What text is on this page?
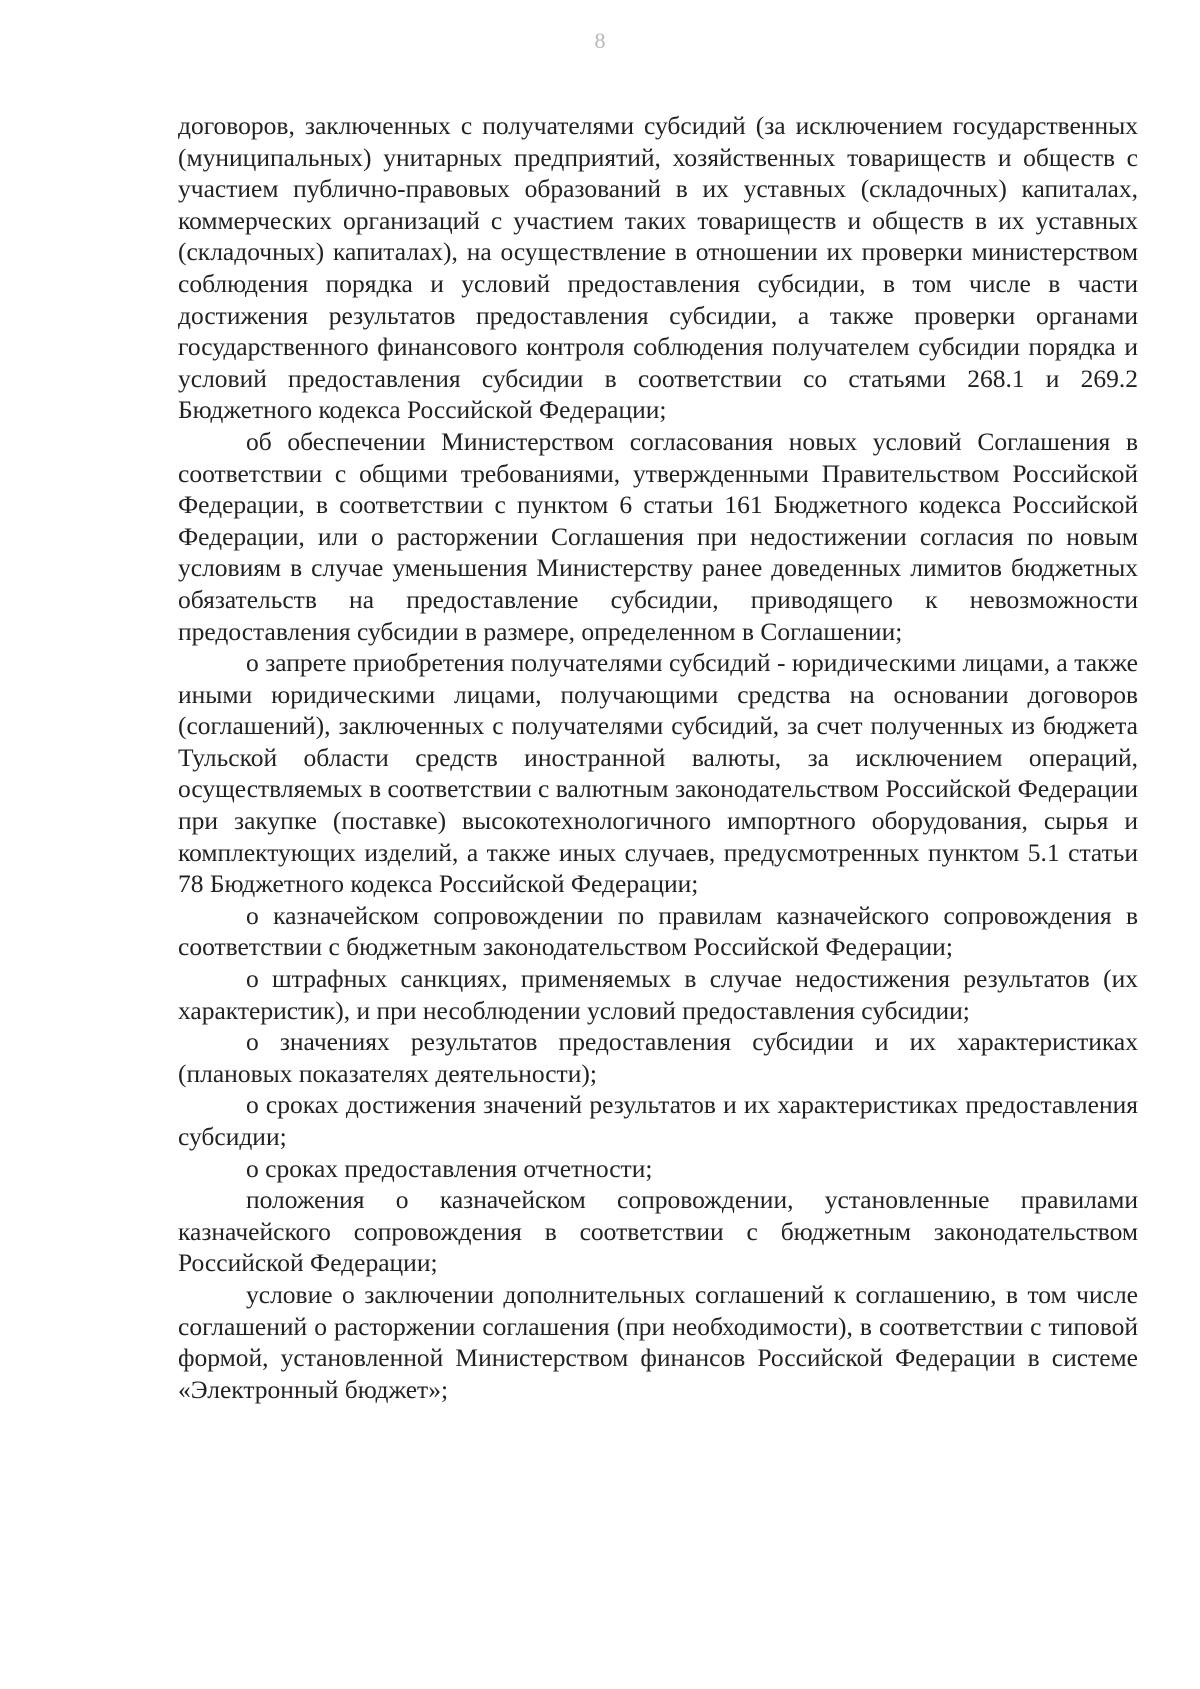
8

договоров, заключенных с получателями субсидий (за исключением государственных (муниципальных) унитарных предприятий, хозяйственных товариществ и обществ с участием публично-правовых образований в их уставных (складочных) капиталах, коммерческих организаций с участием таких товариществ и обществ в их уставных (складочных) капиталах), на осуществление в отношении их проверки министерством соблюдения порядка и условий предоставления субсидии, в том числе в части достижения результатов предоставления субсидии, а также проверки органами государственного финансового контроля соблюдения получателем субсидии порядка и условий предоставления субсидии в соответствии со статьями 268.1 и 269.2 Бюджетного кодекса Российской Федерации;

об обеспечении Министерством согласования новых условий Соглашения в соответствии с общими требованиями, утвержденными Правительством Российской Федерации, в соответствии с пунктом 6 статьи 161 Бюджетного кодекса Российской Федерации, или о расторжении Соглашения при недостижении согласия по новым условиям в случае уменьшения Министерству ранее доведенных лимитов бюджетных обязательств на предоставление субсидии, приводящего к невозможности предоставления субсидии в размере, определенном в Соглашении;

о запрете приобретения получателями субсидий - юридическими лицами, а также иными юридическими лицами, получающими средства на основании договоров (соглашений), заключенных с получателями субсидий, за счет полученных из бюджета Тульской области средств иностранной валюты, за исключением операций, осуществляемых в соответствии с валютным законодательством Российской Федерации при закупке (поставке) высокотехнологичного импортного оборудования, сырья и комплектующих изделий, а также иных случаев, предусмотренных пунктом 5.1 статьи 78 Бюджетного кодекса Российской Федерации;

о казначейском сопровождении по правилам казначейского сопровождения в соответствии с бюджетным законодательством Российской Федерации;

о штрафных санкциях, применяемых в случае недостижения результатов (их характеристик), и при несоблюдении условий предоставления субсидии;

о значениях результатов предоставления субсидии и их характеристиках (плановых показателях деятельности);

о сроках достижения значений результатов и их характеристиках предоставления субсидии;

о сроках предоставления отчетности;

положения о казначейском сопровождении, установленные правилами казначейского сопровождения в соответствии с бюджетным законодательством Российской Федерации;

условие о заключении дополнительных соглашений к соглашению, в том числе соглашений о расторжении соглашения (при необходимости), в соответствии с типовой формой, установленной Министерством финансов Российской Федерации в системе «Электронный бюджет»;
